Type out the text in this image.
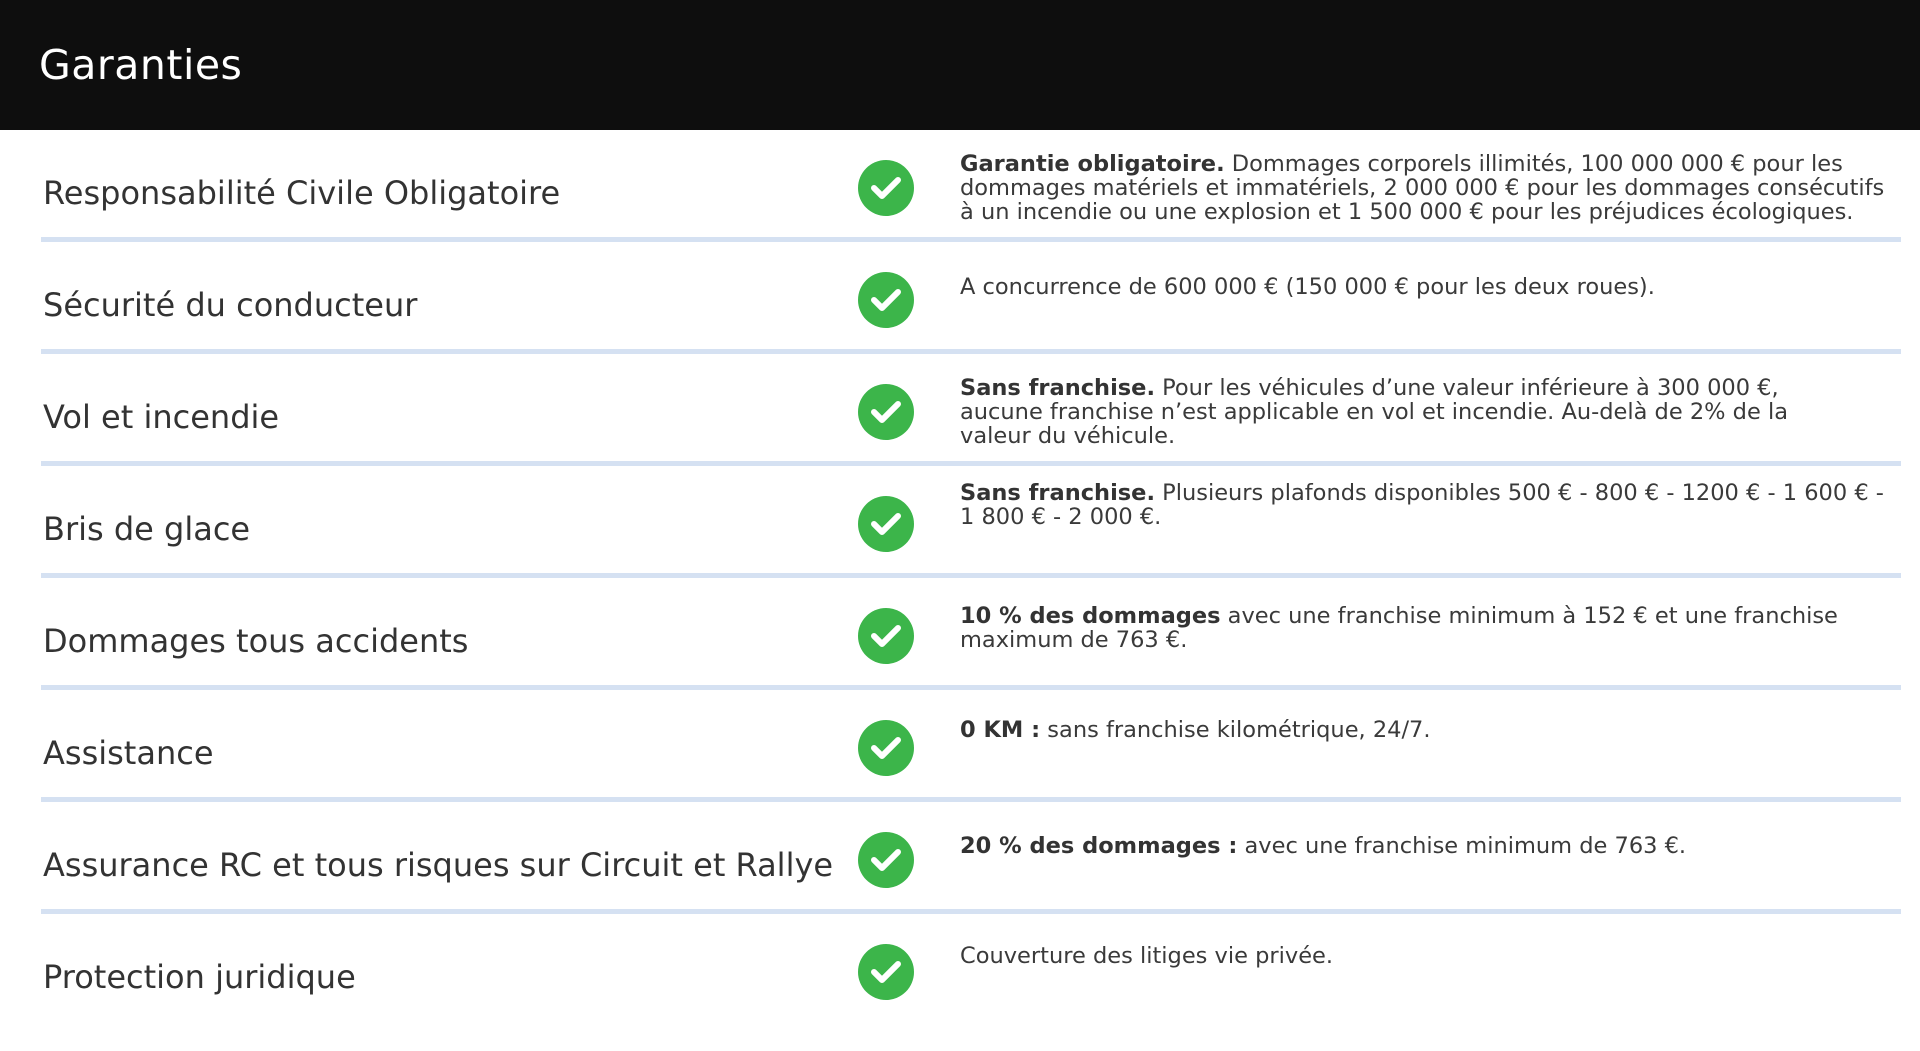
Garanties
Responsabilité Civile Obligatoire
Garantie obligatoire. Dommages corporels illimités, 100 000 000 € pour les dommages matériels et immatériels, 2 000 000 € pour les dommages consécutifs à un incendie ou une explosion et 1 500 000 € pour les préjudices écologiques.
Sécurité du conducteur	A concurrence de 600 000 € (150 000 € pour les deux roues).
Vol et incendie
Sans franchise. Pour les véhicules d’une valeur inférieure à 300 000 €, aucune franchise n’est applicable en vol et incendie. Au-delà de 2% de la valeur du véhicule.
Bris de glace
Sans franchise. Plusieurs plafonds disponibles 500 € - 800 € - 1200 € - 1 600 € - 1 800 € - 2 000 €.
Dommages tous accidents
10 % des dommages avec une franchise minimum à 152 € et une franchise maximum de 763 €.
Assistance
0 KM : sans franchise kilométrique, 24/7.
Assurance RC et tous risques sur Circuit et Rallye	20 % des dommages : avec une franchise minimum de 763 €.
Protection juridique
Couverture des litiges vie privée.
